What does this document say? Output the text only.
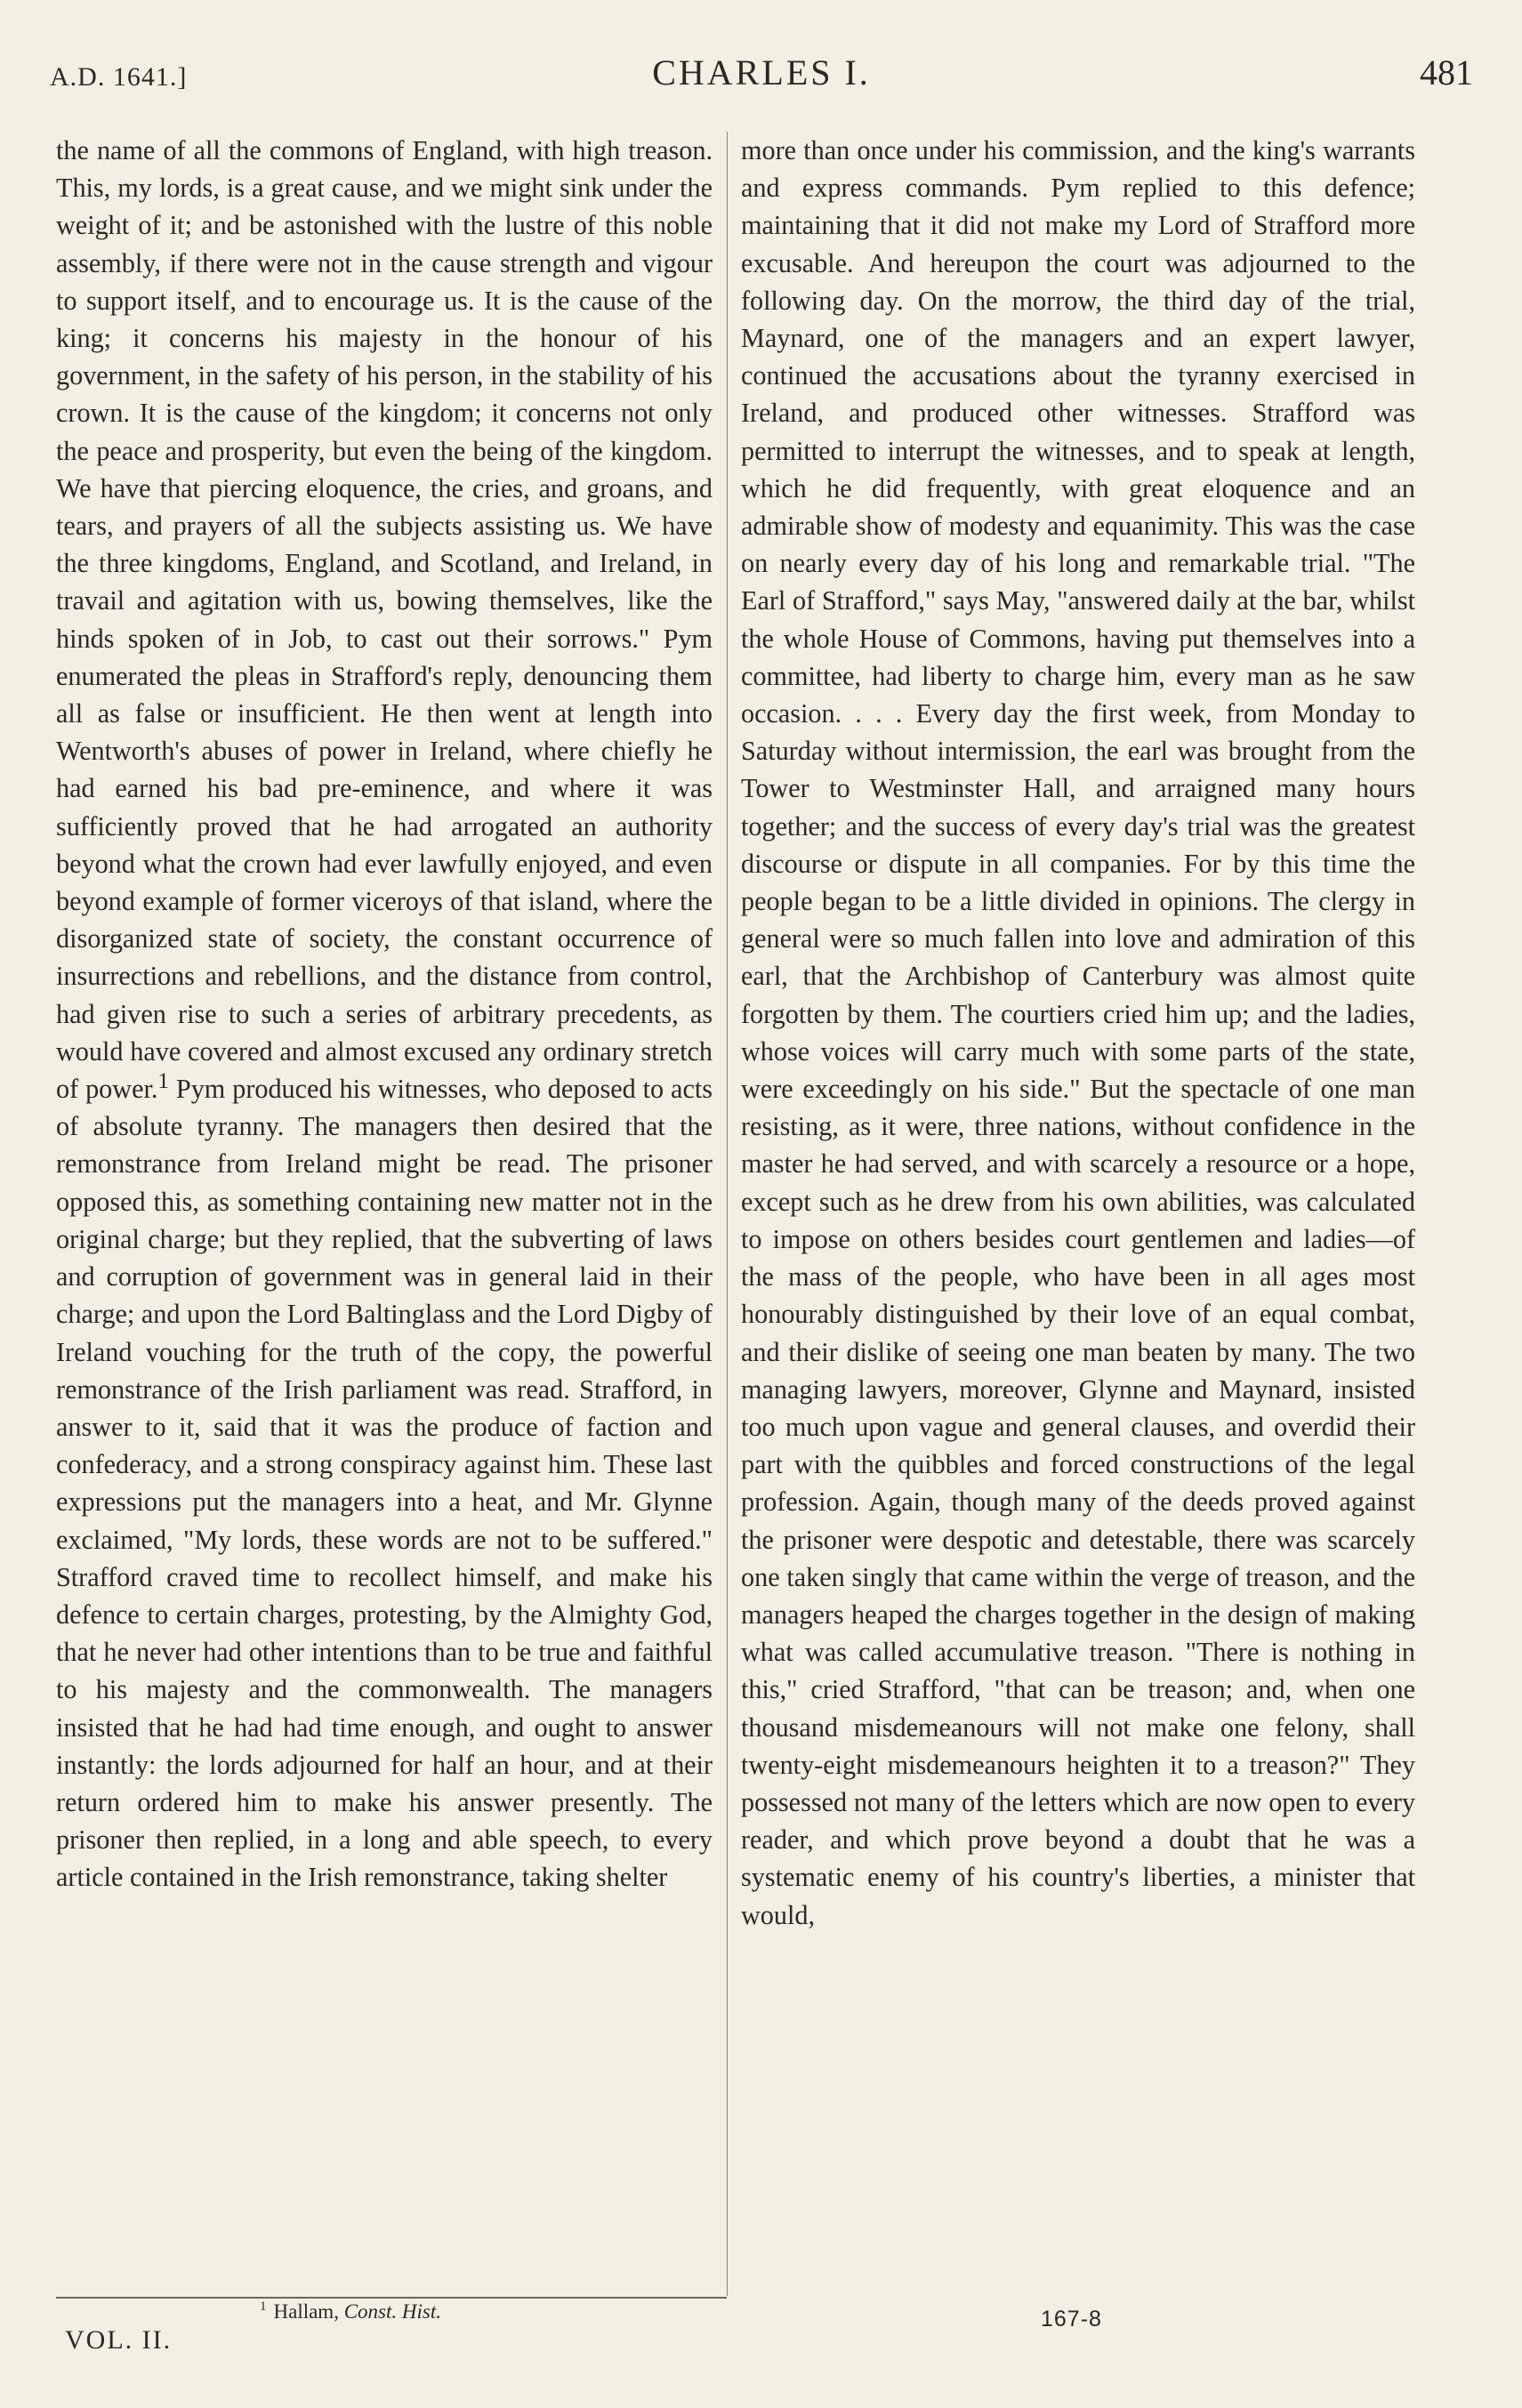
A.D. 1641.]	CHARLES I.	481

the name of all the commons of England, with high treason. This, my lords, is a great cause, and we might sink under the weight of it; and be astonished with the lustre of this noble assembly, if there were not in the cause strength and vigour to support itself, and to encourage us. It is the cause of the king; it concerns his majesty in the honour of his government, in the safety of his person, in the stability of his crown. It is the cause of the kingdom; it concerns not only the peace and prosperity, but even the being of the kingdom. We have that piercing eloquence, the cries, and groans, and tears, and prayers of all the subjects assisting us. We have the three kingdoms, England, and Scotland, and Ireland, in travail and agitation with us, bowing themselves, like the hinds spoken of in Job, to cast out their sorrows." Pym enumerated the pleas in Strafford's reply, denouncing them all as false or insufficient. He then went at length into Wentworth's abuses of power in Ireland, where chiefly he had earned his bad pre-eminence, and where it was sufficiently proved that he had arrogated an authority beyond what the crown had ever lawfully enjoyed, and even beyond example of former viceroys of that island, where the disorganized state of society, the constant occurrence of insurrections and rebellions, and the distance from control, had given rise to such a series of arbitrary precedents, as would have covered and almost excused any ordinary stretch of power.$^1$ Pym produced his witnesses, who deposed to acts of absolute tyranny. The managers then desired that the remonstrance from Ireland might be read. The prisoner opposed this, as something containing new matter not in the original charge; but they replied, that the subverting of laws and corruption of government was in general laid in their charge; and upon the Lord Baltinglass and the Lord Digby of Ireland vouching for the truth of the copy, the powerful remonstrance of the Irish parliament was read. Strafford, in answer to it, said that it was the produce of faction and confederacy, and a strong conspiracy against him. These last expressions put the managers into a heat, and Mr. Glynne exclaimed, "My lords, these words are not to be suffered." Strafford craved time to recollect himself, and make his defence to certain charges, protesting, by the Almighty God, that he never had other intentions than to be true and faithful to his majesty and the commonwealth. The managers insisted that he had had time enough, and ought to answer instantly: the lords adjourned for half an hour, and at their return ordered him to make his answer presently. The prisoner then replied, in a long and able speech, to every article contained in the Irish remonstrance, taking shelter

more than once under his commission, and the king's warrants and express commands. Pym replied to this defence; maintaining that it did not make my Lord of Strafford more excusable. And hereupon the court was adjourned to the following day. On the morrow, the third day of the trial, Maynard, one of the managers and an expert lawyer, continued the accusations about the tyranny exercised in Ireland, and produced other witnesses. Strafford was permitted to interrupt the witnesses, and to speak at length, which he did frequently, with great eloquence and an admirable show of modesty and equanimity. This was the case on nearly every day of his long and remarkable trial. "The Earl of Strafford," says May, "answered daily at the bar, whilst the whole House of Commons, having put themselves into a committee, had liberty to charge him, every man as he saw occasion. . . . Every day the first week, from Monday to Saturday without intermission, the earl was brought from the Tower to Westminster Hall, and arraigned many hours together; and the success of every day's trial was the greatest discourse or dispute in all companies. For by this time the people began to be a little divided in opinions. The clergy in general were so much fallen into love and admiration of this earl, that the Archbishop of Canterbury was almost quite forgotten by them. The courtiers cried him up; and the ladies, whose voices will carry much with some parts of the state, were exceedingly on his side." But the spectacle of one man resisting, as it were, three nations, without confidence in the master he had served, and with scarcely a resource or a hope, except such as he drew from his own abilities, was calculated to impose on others besides court gentlemen and ladies—of the mass of the people, who have been in all ages most honourably distinguished by their love of an equal combat, and their dislike of seeing one man beaten by many. The two managing lawyers, moreover, Glynne and Maynard, insisted too much upon vague and general clauses, and overdid their part with the quibbles and forced constructions of the legal profession. Again, though many of the deeds proved against the prisoner were despotic and detestable, there was scarcely one taken singly that came within the verge of treason, and the managers heaped the charges together in the design of making what was called accumulative treason. "There is nothing in this," cried Strafford, "that can be treason; and, when one thousand misdemeanours will not make one felony, shall twenty-eight misdemeanours heighten it to a treason?" They possessed not many of the letters which are now open to every reader, and which prove beyond a doubt that he was a systematic enemy of his country's liberties, a minister that would,

$^1$ Hallam, Const. Hist.
VOL. II.
167-8
